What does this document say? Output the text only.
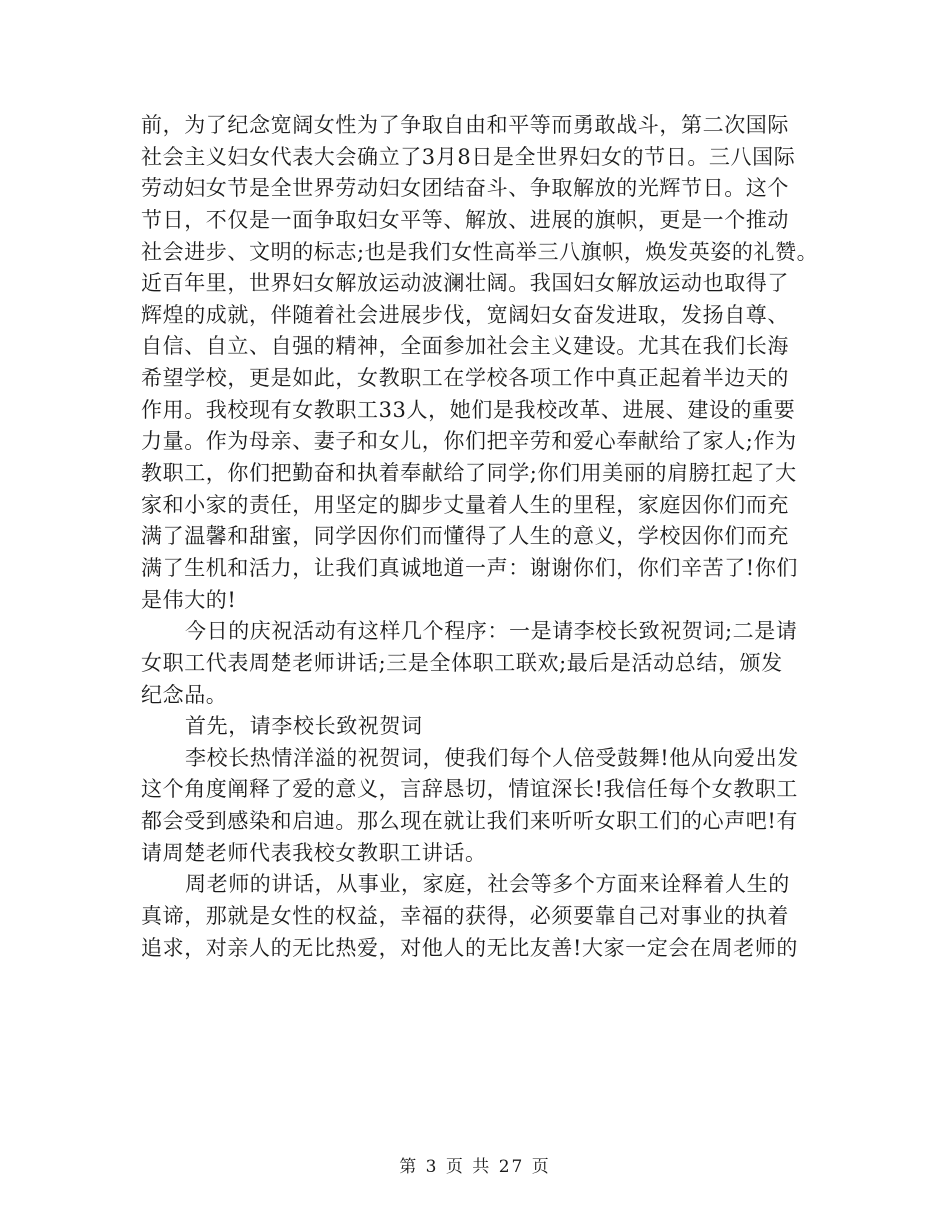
前，为了纪念宽阔女性为了争取自由和平等而勇敢战斗，第二次国际
社会主义妇女代表大会确立了3月8日是全世界妇女的节日。三八国际
劳动妇女节是全世界劳动妇女团结奋斗、争取解放的光辉节日。这个
节日，不仅是一面争取妇女平等、解放、进展的旗帜，更是一个推动
社会进步、文明的标志;也是我们女性高举三八旗帜，焕发英姿的礼赞。
近百年里，世界妇女解放运动波澜壮阔。我国妇女解放运动也取得了
辉煌的成就，伴随着社会进展步伐，宽阔妇女奋发进取，发扬自尊、
自信、自立、自强的精神，全面参加社会主义建设。尤其在我们长海
希望学校，更是如此，女教职工在学校各项工作中真正起着半边天的
作用。我校现有女教职工33人，她们是我校改革、进展、建设的重要
力量。作为母亲、妻子和女儿，你们把辛劳和爱心奉献给了家人;作为
教职工，你们把勤奋和执着奉献给了同学;你们用美丽的肩膀扛起了大
家和小家的责任，用坚定的脚步丈量着人生的里程，家庭因你们而充
满了温馨和甜蜜，同学因你们而懂得了人生的意义，学校因你们而充
满了生机和活力，让我们真诚地道一声：谢谢你们，你们辛苦了!你们
是伟大的!
今日的庆祝活动有这样几个程序：一是请李校长致祝贺词;二是请
女职工代表周楚老师讲话;三是全体职工联欢;最后是活动总结，颁发
纪念品。
首先，请李校长致祝贺词
李校长热情洋溢的祝贺词，使我们每个人倍受鼓舞!他从向爱出发
这个角度阐释了爱的意义，言辞恳切，情谊深长!我信任每个女教职工
都会受到感染和启迪。那么现在就让我们来听听女职工们的心声吧!有
请周楚老师代表我校女教职工讲话。
周老师的讲话，从事业，家庭，社会等多个方面来诠释着人生的
真谛，那就是女性的权益，幸福的获得，必须要靠自己对事业的执着
追求，对亲人的无比热爱，对他人的无比友善!大家一定会在周老师的
第 3 页 共 27 页
